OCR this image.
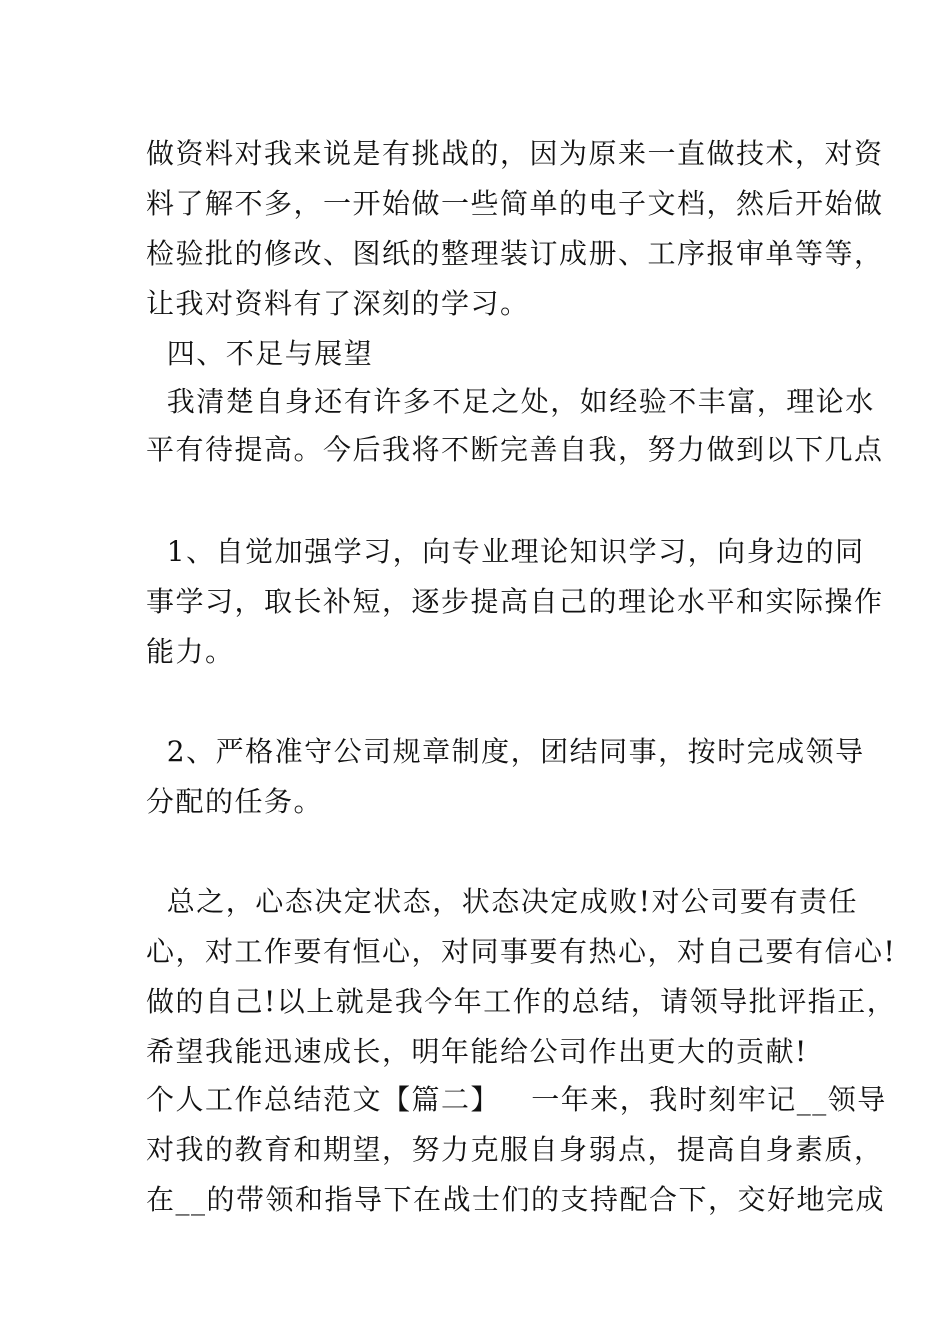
做资料对我来说是有挑战的，因为原来一直做技术，对资
料了解不多，一开始做一些简单的电子文档，然后开始做
检验批的修改、图纸的整理装订成册、工序报审单等等，
让我对资料有了深刻的学习。
四、不足与展望
我清楚自身还有许多不足之处，如经验不丰富，理论水
平有待提高。今后我将不断完善自我，努力做到以下几点
1、自觉加强学习，向专业理论知识学习，向身边的同
事学习，取长补短，逐步提高自己的理论水平和实际操作
能力。
2、严格准守公司规章制度，团结同事，按时完成领导
分配的任务。
总之，心态决定状态，状态决定成败!对公司要有责任
心，对工作要有恒心，对同事要有热心，对自己要有信心!
做的自己!以上就是我今年工作的总结，请领导批评指正，
希望我能迅速成长，明年能给公司作出更大的贡献!
个人工作总结范文【篇二】   一年来，我时刻牢记__领导
对我的教育和期望，努力克服自身弱点，提高自身素质，
在__的带领和指导下在战士们的支持配合下，交好地完成
